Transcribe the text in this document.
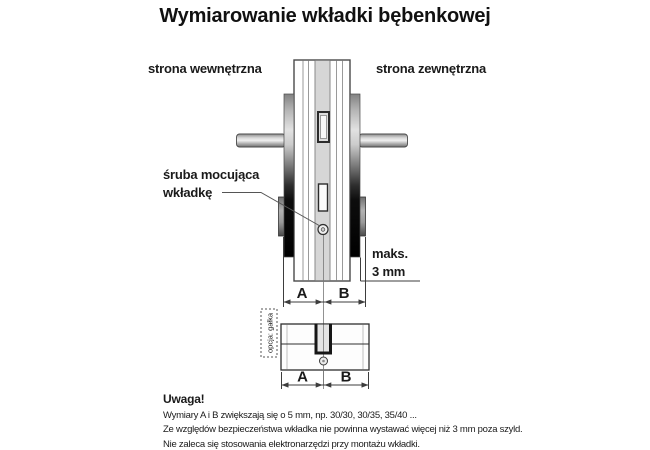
Wymiarowanie wkładki bębenkowej
strona wewnętrzna	strona zewnętrzna
śruba mocująca
wkładkę
maks.
3 mm
A B
opcja: gałka
A B
Uwaga!
Wymiary A i B zwiększają się o 5 mm, np. 30/30, 30/35, 35/40 ...
Ze względów bezpieczeństwa wkładka nie powinna wystawać więcej niż 3 mm poza szyld.
Nie zaleca się stosowania elektronarzędzi przy montażu wkładki.
